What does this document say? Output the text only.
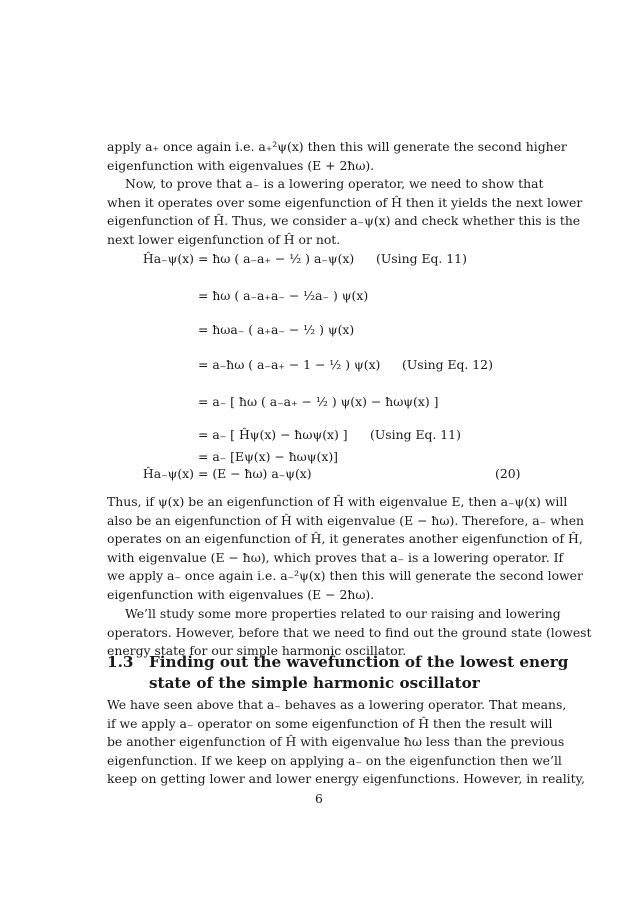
apply a₊ once again i.e. a₊²ψ(x) then this will generate the second higher
eigenfunction with eigenvalues (E + 2ħω).
Now, to prove that a₋ is a lowering operator, we need to show that
when it operates over some eigenfunction of Ĥ then it yields the next lower
eigenfunction of Ĥ. Thus, we consider a₋ψ(x) and check whether this is the
next lower eigenfunction of Ĥ or not.
Ĥa₋ψ(x) = ħω ( a₋a₊ − ½ ) a₋ψ(x) (Using Eq. 11)
= ħω ( a₋a₊a₋ − ½a₋ ) ψ(x)
= ħωa₋ ( a₊a₋ − ½ ) ψ(x)
= a₋ħω ( a₋a₊ − 1 − ½ ) ψ(x) (Using Eq. 12)
= a₋ [ ħω ( a₋a₊ − ½ ) ψ(x) − ħωψ(x) ]
= a₋ [ Ĥψ(x) − ħωψ(x) ] (Using Eq. 11)
= a₋ [Eψ(x) − ħωψ(x)]
Ĥa₋ψ(x) = (E − ħω) a₋ψ(x)	(20)
Thus, if ψ(x) be an eigenfunction of Ĥ with eigenvalue E, then a₋ψ(x) will
also be an eigenfunction of Ĥ with eigenvalue (E − ħω). Therefore, a₋ when
operates on an eigenfunction of Ĥ, it generates another eigenfunction of Ĥ,
with eigenvalue (E − ħω), which proves that a₋ is a lowering operator. If
we apply a₋ once again i.e. a₋²ψ(x) then this will generate the second lower
eigenfunction with eigenvalues (E − 2ħω).
We’ll study some more properties related to our raising and lowering
operators. However, before that we need to find out the ground state (lowest
energy state for our simple harmonic oscillator.
1.3 Finding out the wavefunction of the lowest energ
state of the simple harmonic oscillator
We have seen above that a₋ behaves as a lowering operator. That means,
if we apply a₋ operator on some eigenfunction of Ĥ then the result will
be another eigenfunction of Ĥ with eigenvalue ħω less than the previous
eigenfunction. If we keep on applying a₋ on the eigenfunction then we’ll
keep on getting lower and lower energy eigenfunctions. However, in reality,
6
